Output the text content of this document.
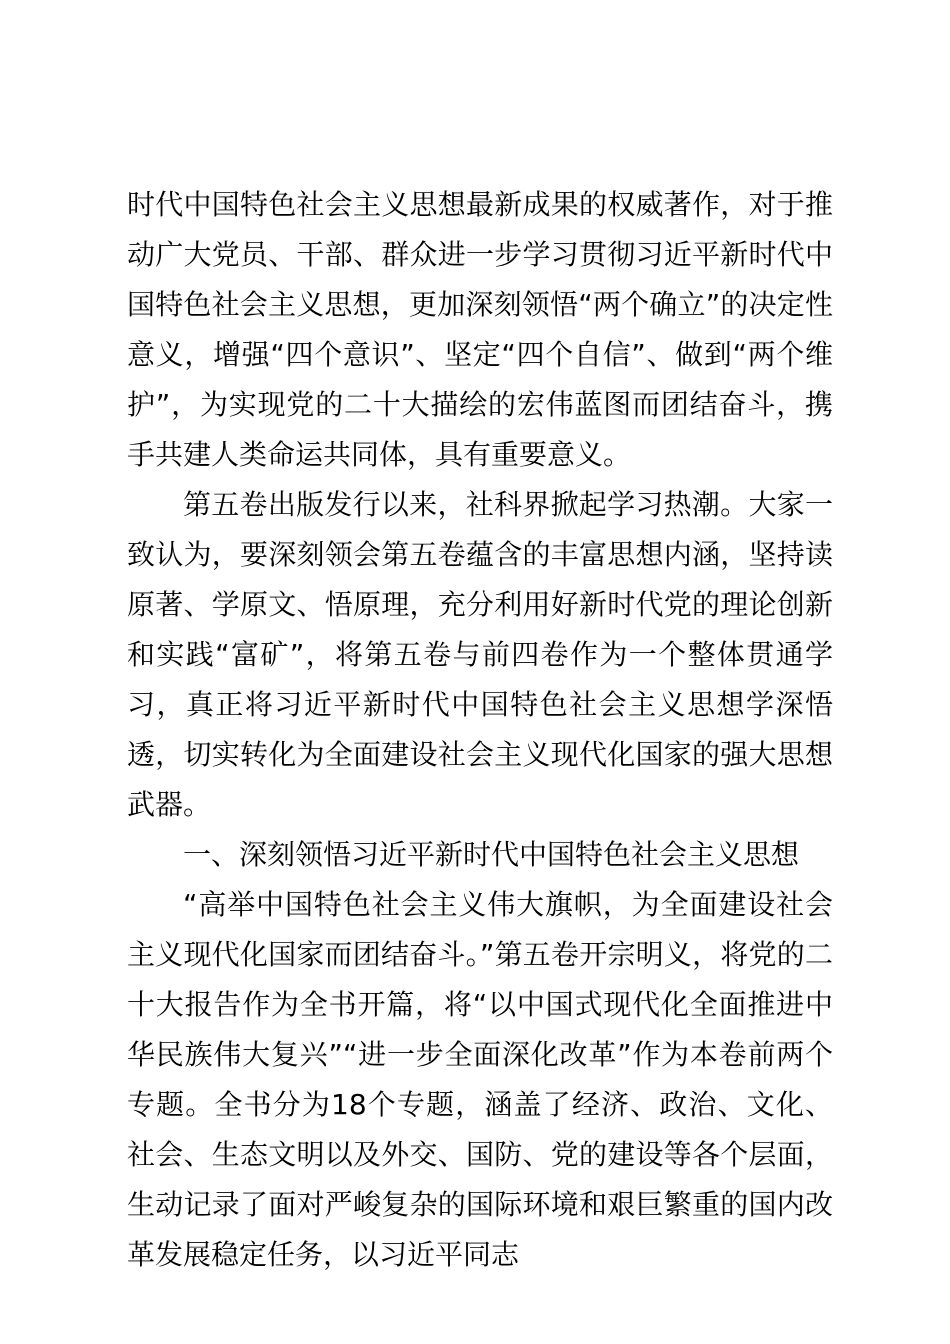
时代中国特色社会主义思想最新成果的权威著作，对于推动广大党员、干部、群众进一步学习贯彻习近平新时代中国特色社会主义思想，更加深刻领悟“两个确立”的决定性意义，增强“四个意识”、坚定“四个自信”、做到“两个维护”，为实现党的二十大描绘的宏伟蓝图而团结奋斗，携手共建人类命运共同体，具有重要意义。

第五卷出版发行以来，社科界掀起学习热潮。大家一致认为，要深刻领会第五卷蕴含的丰富思想内涵，坚持读原著、学原文、悟原理，充分利用好新时代党的理论创新和实践“富矿”，将第五卷与前四卷作为一个整体贯通学习，真正将习近平新时代中国特色社会主义思想学深悟透，切实转化为全面建设社会主义现代化国家的强大思想武器。

一、深刻领悟习近平新时代中国特色社会主义思想

“高举中国特色社会主义伟大旗帜，为全面建设社会主义现代化国家而团结奋斗。”第五卷开宗明义，将党的二十大报告作为全书开篇，将“以中国式现代化全面推进中华民族伟大复兴”“进一步全面深化改革”作为本卷前两个专题。全书分为18个专题，涵盖了经济、政治、文化、社会、生态文明以及外交、国防、党的建设等各个层面，生动记录了面对严峻复杂的国际环境和艰巨繁重的国内改革发展稳定任务，以习近平同志
